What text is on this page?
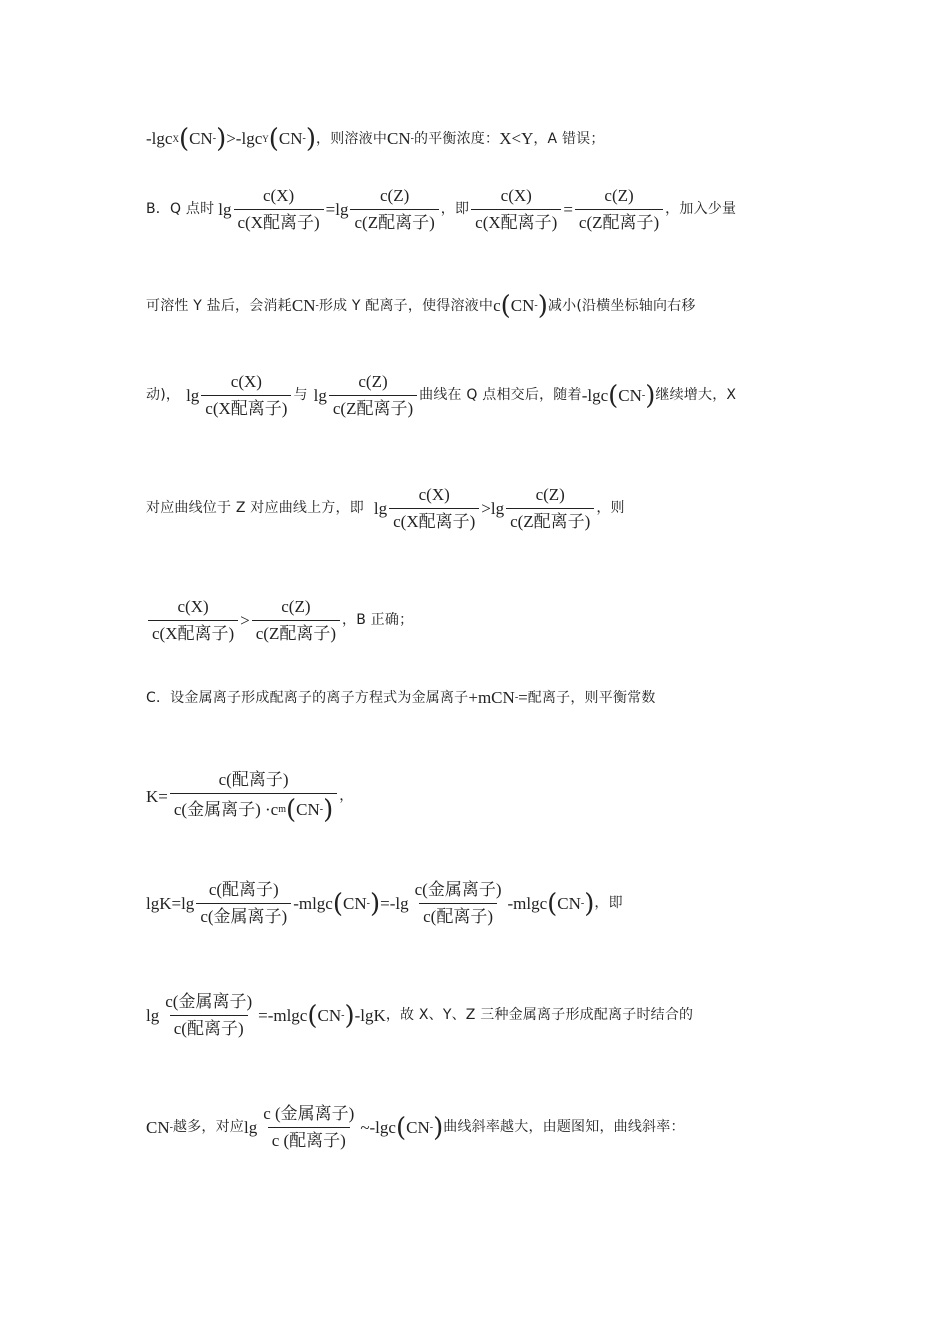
-lgc X ( CN - ) >-lgc Y ( CN - ) ，则溶液中 CN - 的平衡浓度： X<Y ，A 错误；
B．Q 点时 $\lg \frac{c(X)}{\text{c(X配离子)}} =\lg \frac{c(Z)}{\text{c(Z配离子)}}$ ，即 $\frac{c(X)}{\text{c(X配离子)}} = \frac{c(Z)}{\text{c(Z配离子)}}$ ，加入少量
可溶性 Y 盐后，会消耗 CN - 形成 Y 配离子，使得溶液中 c ( CN - ) 减小(沿横坐标轴向右移
动)， $\lg \frac{c(X)}{\text{c(X配离子)}}$ 与 $\lg \frac{c(Z)}{\text{c(Z配离子)}}$ 曲线在 Q 点相交后，随着 -lgc ( CN - ) 继续增大，X
对应曲线位于 Z 对应曲线上方，即 $\lg \frac{c(X)}{\text{c(X配离子)}} >\lg \frac{c(Z)}{\text{c(Z配离子)}}$ ，则
$\frac{c(X)}{\text{c(X配离子)}} > \frac{c(Z)}{\text{c(Z配离子)}}$ ，B 正确；
C．设金属离子形成配离子的离子方程式为金属离子 +mCN - = 配离子，则平衡常数
$K= \frac{\text{c(配离子)}}{\text{c(金属离子) ·c m ( CN - )}}$ ，
$\lg K=\lg \frac{\text{c(配离子)}}{\text{c(金属离子)}} -mlgc$ ( CN - ) $=-\lg \frac{\text{c(金属离子)}}{\text{c(配离子)}} -mlgc$ ( CN - ) ，即
$\lg \frac{\text{c(金属离子)}}{\text{c(配离子)}} =-mlgc$ ( CN - ) -lgK ，故 X、Y、Z 三种金属离子形成配离子时结合的
CN - 越多，对应 $\lg \frac{\text{c (金属离子)}}{\text{c (配离子)}}$ ~-lgc ( CN - ) 曲线斜率越大，由题图知，曲线斜率：
